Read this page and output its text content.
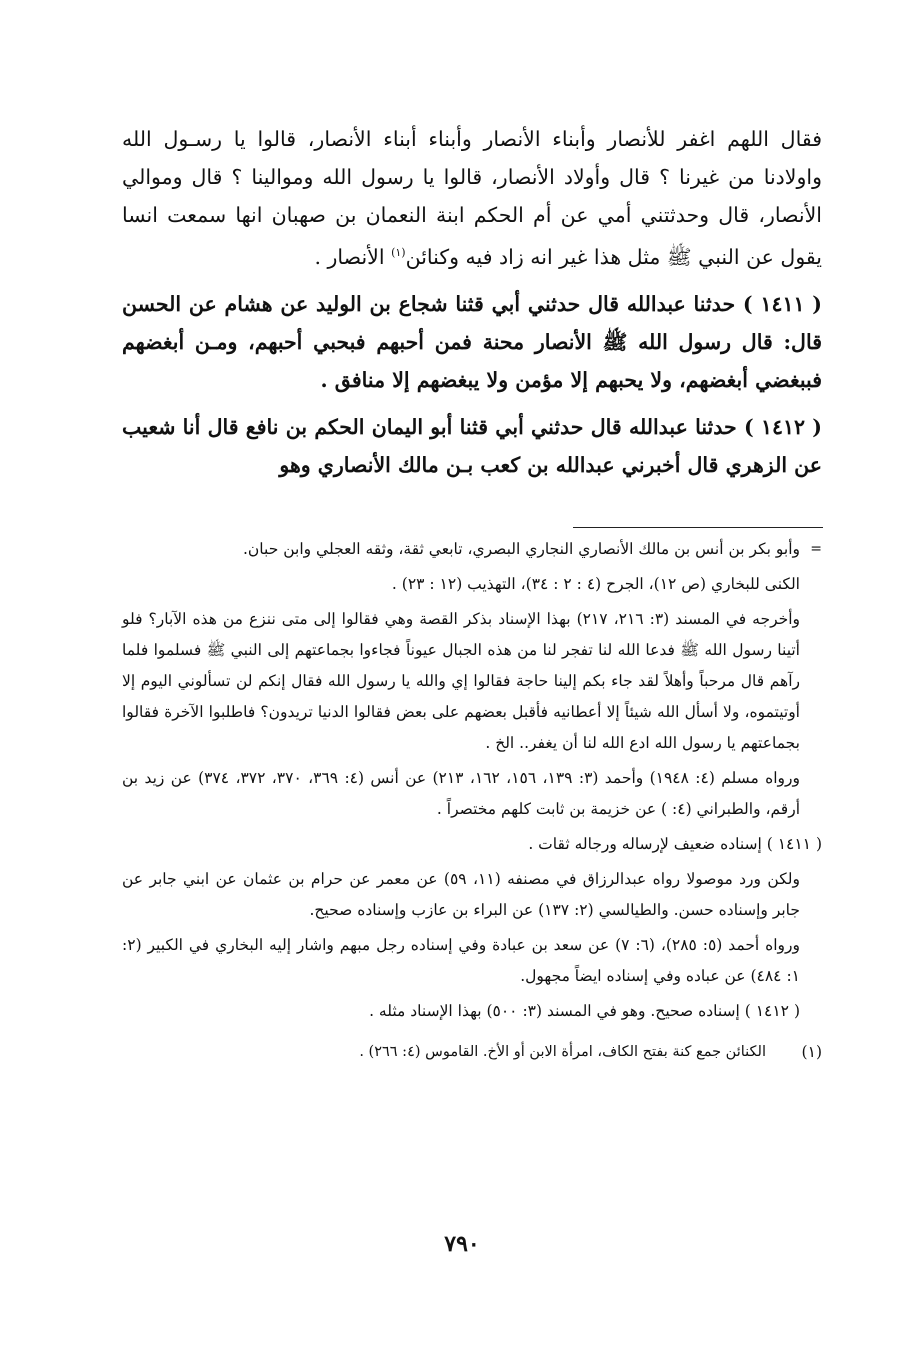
فقال اللهم اغفر للأنصار وأبناء الأنصار وأبناء أبناء الأنصار، قالوا يا رسـول الله واولادنا من غيرنا ؟ قال وأولاد الأنصار، قالوا يا رسول الله وموالينا ؟ قال وموالي الأنصار، قال وحدثتني أمي عن أم الحكم ابنة النعمان بن صهبان انها سمعت انسا يقول عن النبي ﷺ مثل هذا غير انه زاد فيه وكنائن$^{(١)}$ الأنصار .

( ١٤١١ ) حدثنا عبدالله قال حدثني أبي قثنا شجاع بن الوليد عن هشام عن الحسن قال: قال رسول الله ﷺ الأنصار محنة فمن أحبهم فبحبي أحبهم، ومـن أبغضهم فببغضي أبغضهم، ولا يحبهم إلا مؤمن ولا يبغضهم إلا منافق .

( ١٤١٢ ) حدثنا عبدالله قال حدثني أبي قثنا أبو اليمان الحكم بن نافع قال أنا شعيب عن الزهري قال أخبرني عبدالله بن كعب بـن مالك الأنصاري وهو

=
وأبو بكر بن أنس بن مالك الأنصاري النجاري البصري، تابعي ثقة، وثقه العجلي وابن حبان.

الكنى للبخاري (ص ١٢)، الجرح (٤ : ٢ : ٣٤)، التهذيب (١٢ : ٢٣) .

وأخرجه في المسند (٣: ٢١٦، ٢١٧) بهذا الإسناد بذكر القصة وهي فقالوا إلى متى ننزع من هذه الآبار؟ فلو أتينا رسول الله ﷺ فدعا الله لنا تفجر لنا من هذه الجبال عيوناً فجاءوا بجماعتهم إلى النبي ﷺ فسلموا فلما رآهم قال مرحباً وأهلاً لقد جاء بكم إلينا حاجة فقالوا إي والله يا رسول الله فقال إنكم لن تسألوني اليوم إلا أوتيتموه، ولا أسأل الله شيئاً إلا أعطانيه فأقبل بعضهم على بعض فقالوا الدنيا تريدون؟ فاطلبوا الآخرة فقالوا بجماعتهم يا رسول الله ادع الله لنا أن يغفر.. الخ .

ورواه مسلم (٤: ١٩٤٨) وأحمد (٣: ١٣٩، ١٥٦، ١٦٢، ٢١٣) عن أنس (٤: ٣٦٩، ٣٧٠، ٣٧٢، ٣٧٤) عن زيد بن أرقم، والطبراني (٤: ) عن خزيمة بن ثابت كلهم مختصراً .

( ١٤١١ ) إسناده ضعيف لإرساله ورجاله ثقات .

ولكن ورد موصولا رواه عبدالرزاق في مصنفه (١١، ٥٩) عن معمر عن حرام بن عثمان عن ابني جابر عن جابر وإسناده حسن. والطيالسي (٢: ١٣٧) عن البراء بن عازب وإسناده صحيح.

ورواه أحمد (٥: ٢٨٥)، (٦: ٧) عن سعد بن عبادة وفي إسناده رجل مبهم واشار إليه البخاري في الكبير (٢: ١: ٤٨٤) عن عباده وفي إسناده ايضاً مجهول.

( ١٤١٢ ) إسناده صحيح. وهو في المسند (٣: ٥٠٠) بهذا الإسناد مثله .

(١)
الكنائن جمع كنة بفتح الكاف، امرأة الابن أو الأخ. القاموس (٤: ٢٦٦) .
٧٩٠
